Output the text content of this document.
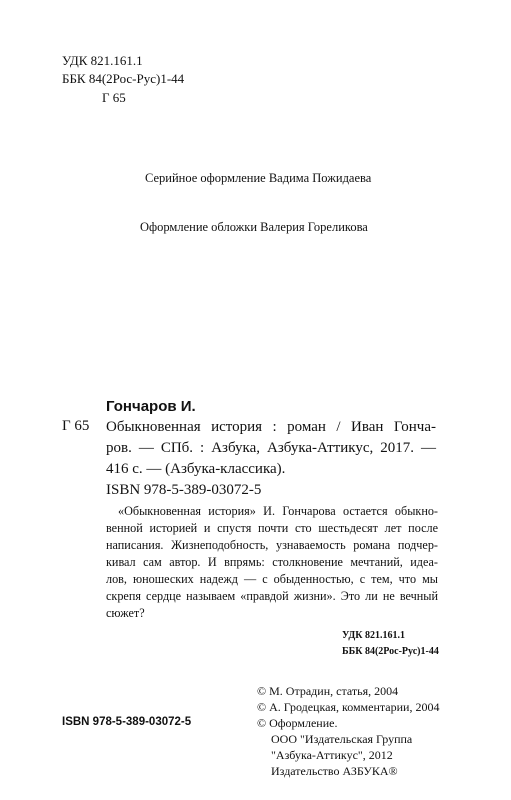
УДК 821.161.1
ББК 84(2Рос-Рус)1-44
Г 65
Серийное оформление Вадима Пожидаева
Оформление обложки Валерия Гореликова
Гончаров И.
Г 65 Обыкновенная история : роман / Иван Гонча-
ров. — СПб. : Азбука, Азбука-Аттикус, 2017. —
416 с. — (Азбука-классика).
ISBN 978-5-389-03072-5
«Обыкновенная история» И. Гончарова остается обыкно-
венной историей и спустя почти сто шестьдесят лет после
написания. Жизнеподобность, узнаваемость романа подчер-
кивал сам автор. И впрямь: столкновение мечтаний, идеа-
лов, юношеских надежд — с обыденностью, с тем, что мы
скрепя сердце называем «правдой жизни». Это ли не вечный
сюжет?
УДК 821.161.1
ББК 84(2Рос-Рус)1-44
© М. Отрадин, статья, 2004
© А. Гродецкая, комментарии, 2004
© Оформление.
ООО "Издательская Группа
"Азбука-Аттикус", 2012
Издательство АЗБУКА®
ISBN 978-5-389-03072-5
